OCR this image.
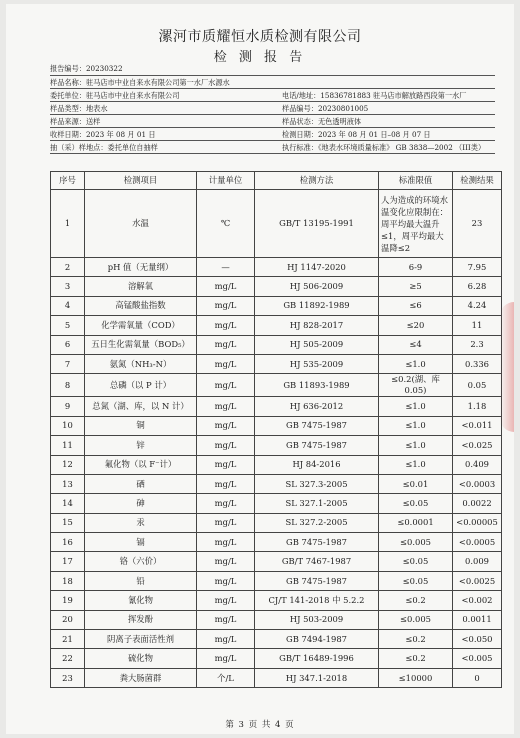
漯河市质耀恒水质检测有限公司
检 测 报 告
报告编号：20230322
样品名称：驻马店市中业自来水有限公司第一水厂水源水
委托单位：驻马店市中业自来水有限公司	电话/地址：15836781883 驻马店市解放路西段第一水厂
样品类型：地表水	样品编号：20230801005
样品来源：送样	样品状态：无色透明液体
收样日期：2023 年 08 月 01 日	检测日期：2023 年 08 月 01 日–08 月 07 日
抽（采）样地点：委托单位自抽样	执行标准：《地表水环境质量标准》 GB 3838—2002 （III类）
序号	检测项目	计量单位	检测方法	标准限值	检测结果
1	水温	℃	GB/T 13195-1991	人为造成的环境水温变化应限制在：周平均最大温升≤1，周平均最大温降≤2	23
2	pH 值（无量纲）	—	HJ 1147-2020	6-9	7.95
3	溶解氧	mg/L	HJ 506-2009	≥5	6.28
4	高锰酸盐指数	mg/L	GB 11892-1989	≤6	4.24
5	化学需氧量（COD）	mg/L	HJ 828-2017	≤20	11
6	五日生化需氧量（BOD₅）	mg/L	HJ 505-2009	≤4	2.3
7	氨氮（NH₃-N）	mg/L	HJ 535-2009	≤1.0	0.336
8	总磷（以 P 计）	mg/L	GB 11893-1989	≤0.2(湖、库 0.05)	0.05
9	总氮（湖、库，以 N 计）	mg/L	HJ 636-2012	≤1.0	1.18
10	铜	mg/L	GB 7475-1987	≤1.0	<0.011
11	锌	mg/L	GB 7475-1987	≤1.0	<0.025
12	氟化物（以 F⁻计）	mg/L	HJ 84-2016	≤1.0	0.409
13	硒	mg/L	SL 327.3-2005	≤0.01	<0.0003
14	砷	mg/L	SL 327.1-2005	≤0.05	0.0022
15	汞	mg/L	SL 327.2-2005	≤0.0001	<0.00005
16	镉	mg/L	GB 7475-1987	≤0.005	<0.0005
17	铬（六价）	mg/L	GB/T 7467-1987	≤0.05	0.009
18	铅	mg/L	GB 7475-1987	≤0.05	<0.0025
19	氰化物	mg/L	CJ/T 141-2018 中 5.2.2	≤0.2	<0.002
20	挥发酚	mg/L	HJ 503-2009	≤0.005	0.0011
21	阴离子表面活性剂	mg/L	GB 7494-1987	≤0.2	<0.050
22	硫化物	mg/L	GB/T 16489-1996	≤0.2	<0.005
23	粪大肠菌群	个/L	HJ 347.1-2018	≤10000	0
第 3 页 共 4 页
